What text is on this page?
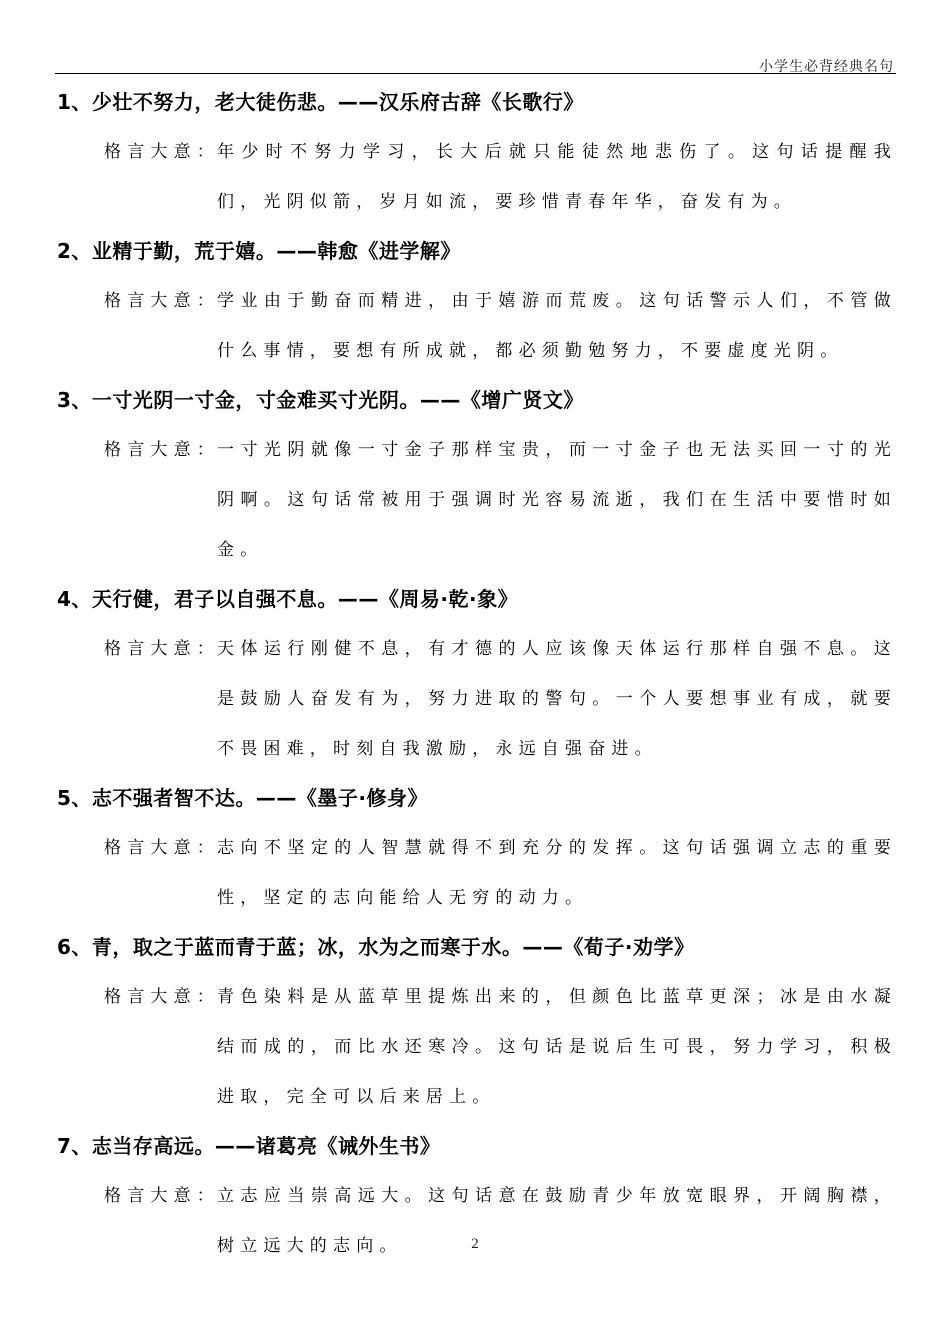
小学生必背经典名句
1、少壮不努力，老大徒伤悲。——汉乐府古辞《长歌行》
格言大意：
年少时不努力学习，长大后就只能徒然地悲伤了。这句话提醒我们，光阴似箭，岁月如流，要珍惜青春年华，奋发有为。
2、业精于勤，荒于嬉。——韩愈《进学解》
格言大意：
学业由于勤奋而精进，由于嬉游而荒废。这句话警示人们，不管做什么事情，要想有所成就，都必须勤勉努力，不要虚度光阴。
3、一寸光阴一寸金，寸金难买寸光阴。——《增广贤文》
格言大意：
一寸光阴就像一寸金子那样宝贵，而一寸金子也无法买回一寸的光阴啊。这句话常被用于强调时光容易流逝，我们在生活中要惜时如金。
4、天行健，君子以自强不息。——《周易·乾·象》
格言大意：
天体运行刚健不息，有才德的人应该像天体运行那样自强不息。这是鼓励人奋发有为，努力进取的警句。一个人要想事业有成，就要不畏困难，时刻自我激励，永远自强奋进。
5、志不强者智不达。——《墨子·修身》
格言大意：
志向不坚定的人智慧就得不到充分的发挥。这句话强调立志的重要性，坚定的志向能给人无穷的动力。
6、青，取之于蓝而青于蓝；冰，水为之而寒于水。——《荀子·劝学》
格言大意：
青色染料是从蓝草里提炼出来的，但颜色比蓝草更深；冰是由水凝结而成的，而比水还寒冷。这句话是说后生可畏，努力学习，积极进取，完全可以后来居上。
7、志当存高远。——诸葛亮《诫外生书》
格言大意：
立志应当崇高远大。这句话意在鼓励青少年放宽眼界，开阔胸襟，树立远大的志向。	2
